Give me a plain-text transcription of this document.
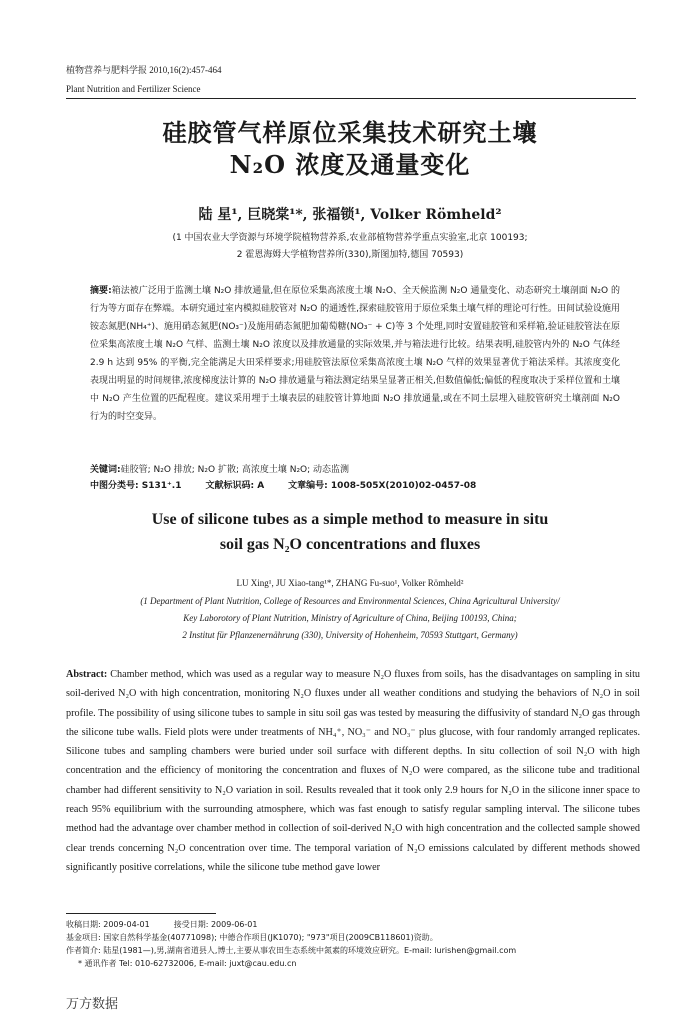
植物营养与肥料学报 2010,16(2):457-464
Plant Nutrition and Fertilizer Science
硅胶管气样原位采集技术研究土壤
N₂O 浓度及通量变化
陆 星¹, 巨晓棠¹*, 张福锁¹, Volker Römheld²
(1 中国农业大学资源与环境学院植物营养系,农业部植物营养学重点实验室,北京 100193;
2 霍恩海姆大学植物营养所(330),斯图加特,德国 70593)
摘要:箱法被广泛用于监测土壤 N₂O 排放通量,但在原位采集高浓度土壤 N₂O、全天候监测 N₂O 通量变化、动态研究土壤剖面 N₂O 的行为等方面存在弊端。本研究通过室内模拟硅胶管对 N₂O 的通透性,探索硅胶管用于原位采集土壤气样的理论可行性。田间试验设施用铵态氮肥(NH₄⁺)、施用硝态氮肥(NO₃⁻)及施用硝态氮肥加葡萄糖(NO₃⁻ + C)等 3 个处理,同时安置硅胶管和采样箱,验证硅胶管法在原位采集高浓度土壤 N₂O 气样、监测土壤 N₂O 浓度以及排放通量的实际效果,并与箱法进行比较。结果表明,硅胶管内外的 N₂O 气体经 2.9 h 达到 95% 的平衡,完全能满足大田采样要求;用硅胶管法原位采集高浓度土壤 N₂O 气样的效果显著优于箱法采样。其浓度变化表现出明显的时间规律,浓度梯度法计算的 N₂O 排放通量与箱法测定结果呈显著正相关,但数值偏低;偏低的程度取决于采样位置和土壤中 N₂O 产生位置的匹配程度。建议采用埋于土壤表层的硅胶管计算地面 N₂O 排放通量,或在不同土层埋入硅胶管研究土壤剖面 N₂O 行为的时空变异。
关键词:硅胶管; N₂O 排放; N₂O 扩散; 高浓度土壤 N₂O; 动态监测
中图分类号: S131⁺.1	文献标识码: A	文章编号: 1008-505X(2010)02-0457-08
Use of silicone tubes as a simple method to measure in situ
soil gas N₂O concentrations and fluxes
LU Xing¹, JU Xiao-tang¹*, ZHANG Fu-suo¹, Volker Römheld²
(1 Department of Plant Nutrition, College of Resources and Environmental Sciences, China Agricultural University/
Key Laborotory of Plant Nutrition, Ministry of Agriculture of China, Beijing 100193, China;
2 Institut für Pflanzenernährung (330), University of Hohenheim, 70593 Stuttgart, Germany)
Abstract: Chamber method, which was used as a regular way to measure N₂O fluxes from soils, has the disadvantages on sampling in situ soil-derived N₂O with high concentration, monitoring N₂O fluxes under all weather conditions and studying the behaviors of N₂O in soil profile. The possibility of using silicone tubes to sample in situ soil gas was tested by measuring the diffusivity of standard N₂O gas through the silicone tube walls. Field plots were under treatments of NH₄⁺, NO₃⁻ and NO₃⁻ plus glucose, with four randomly arranged replicates. Silicone tubes and sampling chambers were buried under soil surface with different depths. In situ collection of soil N₂O with high concentration and the efficiency of monitoring the concentration and fluxes of N₂O were compared, as the silicone tube and traditional chamber had different sensitivity to N₂O variation in soil. Results revealed that it took only 2.9 hours for N₂O in the silicone inner space to reach 95% equilibrium with the surrounding atmosphere, which was fast enough to satisfy regular sampling interval. The silicone tubes method had the advantage over chamber method in collection of soil-derived N₂O with high concentration and the collected sample showed clear trends concerning N₂O concentration over time. The temporal variation of N₂O emissions calculated by different methods showed significantly positive correlations, while the silicone tube method gave lower
收稿日期: 2009-04-01	接受日期: 2009-06-01
基金项目: 国家自然科学基金(40771098); 中德合作项目(JK1070); "973"项目(2009CB118601)资助。
作者简介: 陆星(1981—),男,湖南省道县人,博士,主要从事农田生态系统中氮素的环境效应研究。E-mail: lurishen@gmail.com
* 通讯作者 Tel: 010-62732006, E-mail: juxt@cau.edu.cn
万方数据
